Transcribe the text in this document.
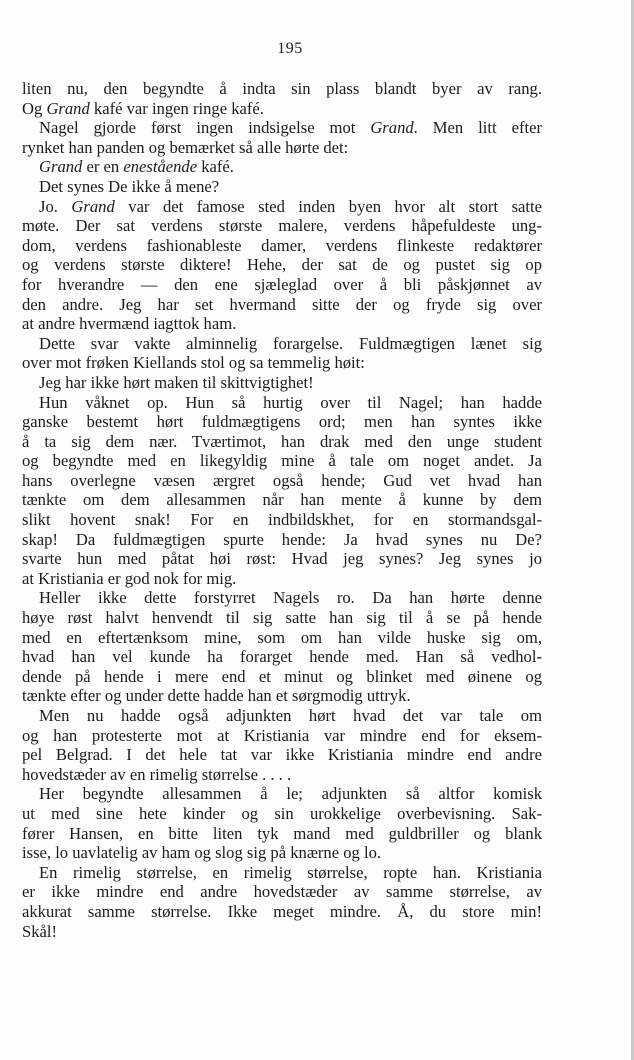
195
liten nu, den begyndte å indta sin plass blandt byer av rang.
Og Grand kafé var ingen ringe kafé.
Nagel gjorde først ingen indsigelse mot Grand. Men litt efter
rynket han panden og bemærket så alle hørte det:
Grand er en enestående kafé.
Det synes De ikke å mene?
Jo. Grand var det famose sted inden byen hvor alt stort satte
møte. Der sat verdens største malere, verdens håpefuldeste ung-
dom, verdens fashionableste damer, verdens flinkeste redaktører
og verdens største diktere! Hehe, der sat de og pustet sig op
for hverandre — den ene sjæleglad over å bli påskjønnet av
den andre. Jeg har set hvermand sitte der og fryde sig over
at andre hvermænd iagttok ham.
Dette svar vakte alminnelig forargelse. Fuldmægtigen lænet sig
over mot frøken Kiellands stol og sa temmelig høit:
Jeg har ikke hørt maken til skittvigtighet!
Hun våknet op. Hun så hurtig over til Nagel; han hadde
ganske bestemt hørt fuldmægtigens ord; men han syntes ikke
å ta sig dem nær. Tværtimot, han drak med den unge student
og begyndte med en likegyldig mine å tale om noget andet. Ja
hans overlegne væsen ærgret også hende; Gud vet hvad han
tænkte om dem allesammen når han mente å kunne by dem
slikt hovent snak! For en indbildskhet, for en stormandsgal-
skap! Da fuldmægtigen spurte hende: Ja hvad synes nu De?
svarte hun med påtat høi røst: Hvad jeg synes? Jeg synes jo
at Kristiania er god nok for mig.
Heller ikke dette forstyrret Nagels ro. Da han hørte denne
høye røst halvt henvendt til sig satte han sig til å se på hende
med en eftertænksom mine, som om han vilde huske sig om,
hvad han vel kunde ha forarget hende med. Han så vedhol-
dende på hende i mere end et minut og blinket med øinene og
tænkte efter og under dette hadde han et sørgmodig uttryk.
Men nu hadde også adjunkten hørt hvad det var tale om
og han protesterte mot at Kristiania var mindre end for eksem-
pel Belgrad. I det hele tat var ikke Kristiania mindre end andre
hovedstæder av en rimelig størrelse . . . .
Her begyndte allesammen å le; adjunkten så altfor komisk
ut med sine hete kinder og sin urokkelige overbevisning. Sak-
fører Hansen, en bitte liten tyk mand med guldbriller og blank
isse, lo uavlatelig av ham og slog sig på knærne og lo.
En rimelig størrelse, en rimelig størrelse, ropte han. Kristiania
er ikke mindre end andre hovedstæder av samme størrelse, av
akkurat samme størrelse. Ikke meget mindre. Å, du store min!
Skål!
